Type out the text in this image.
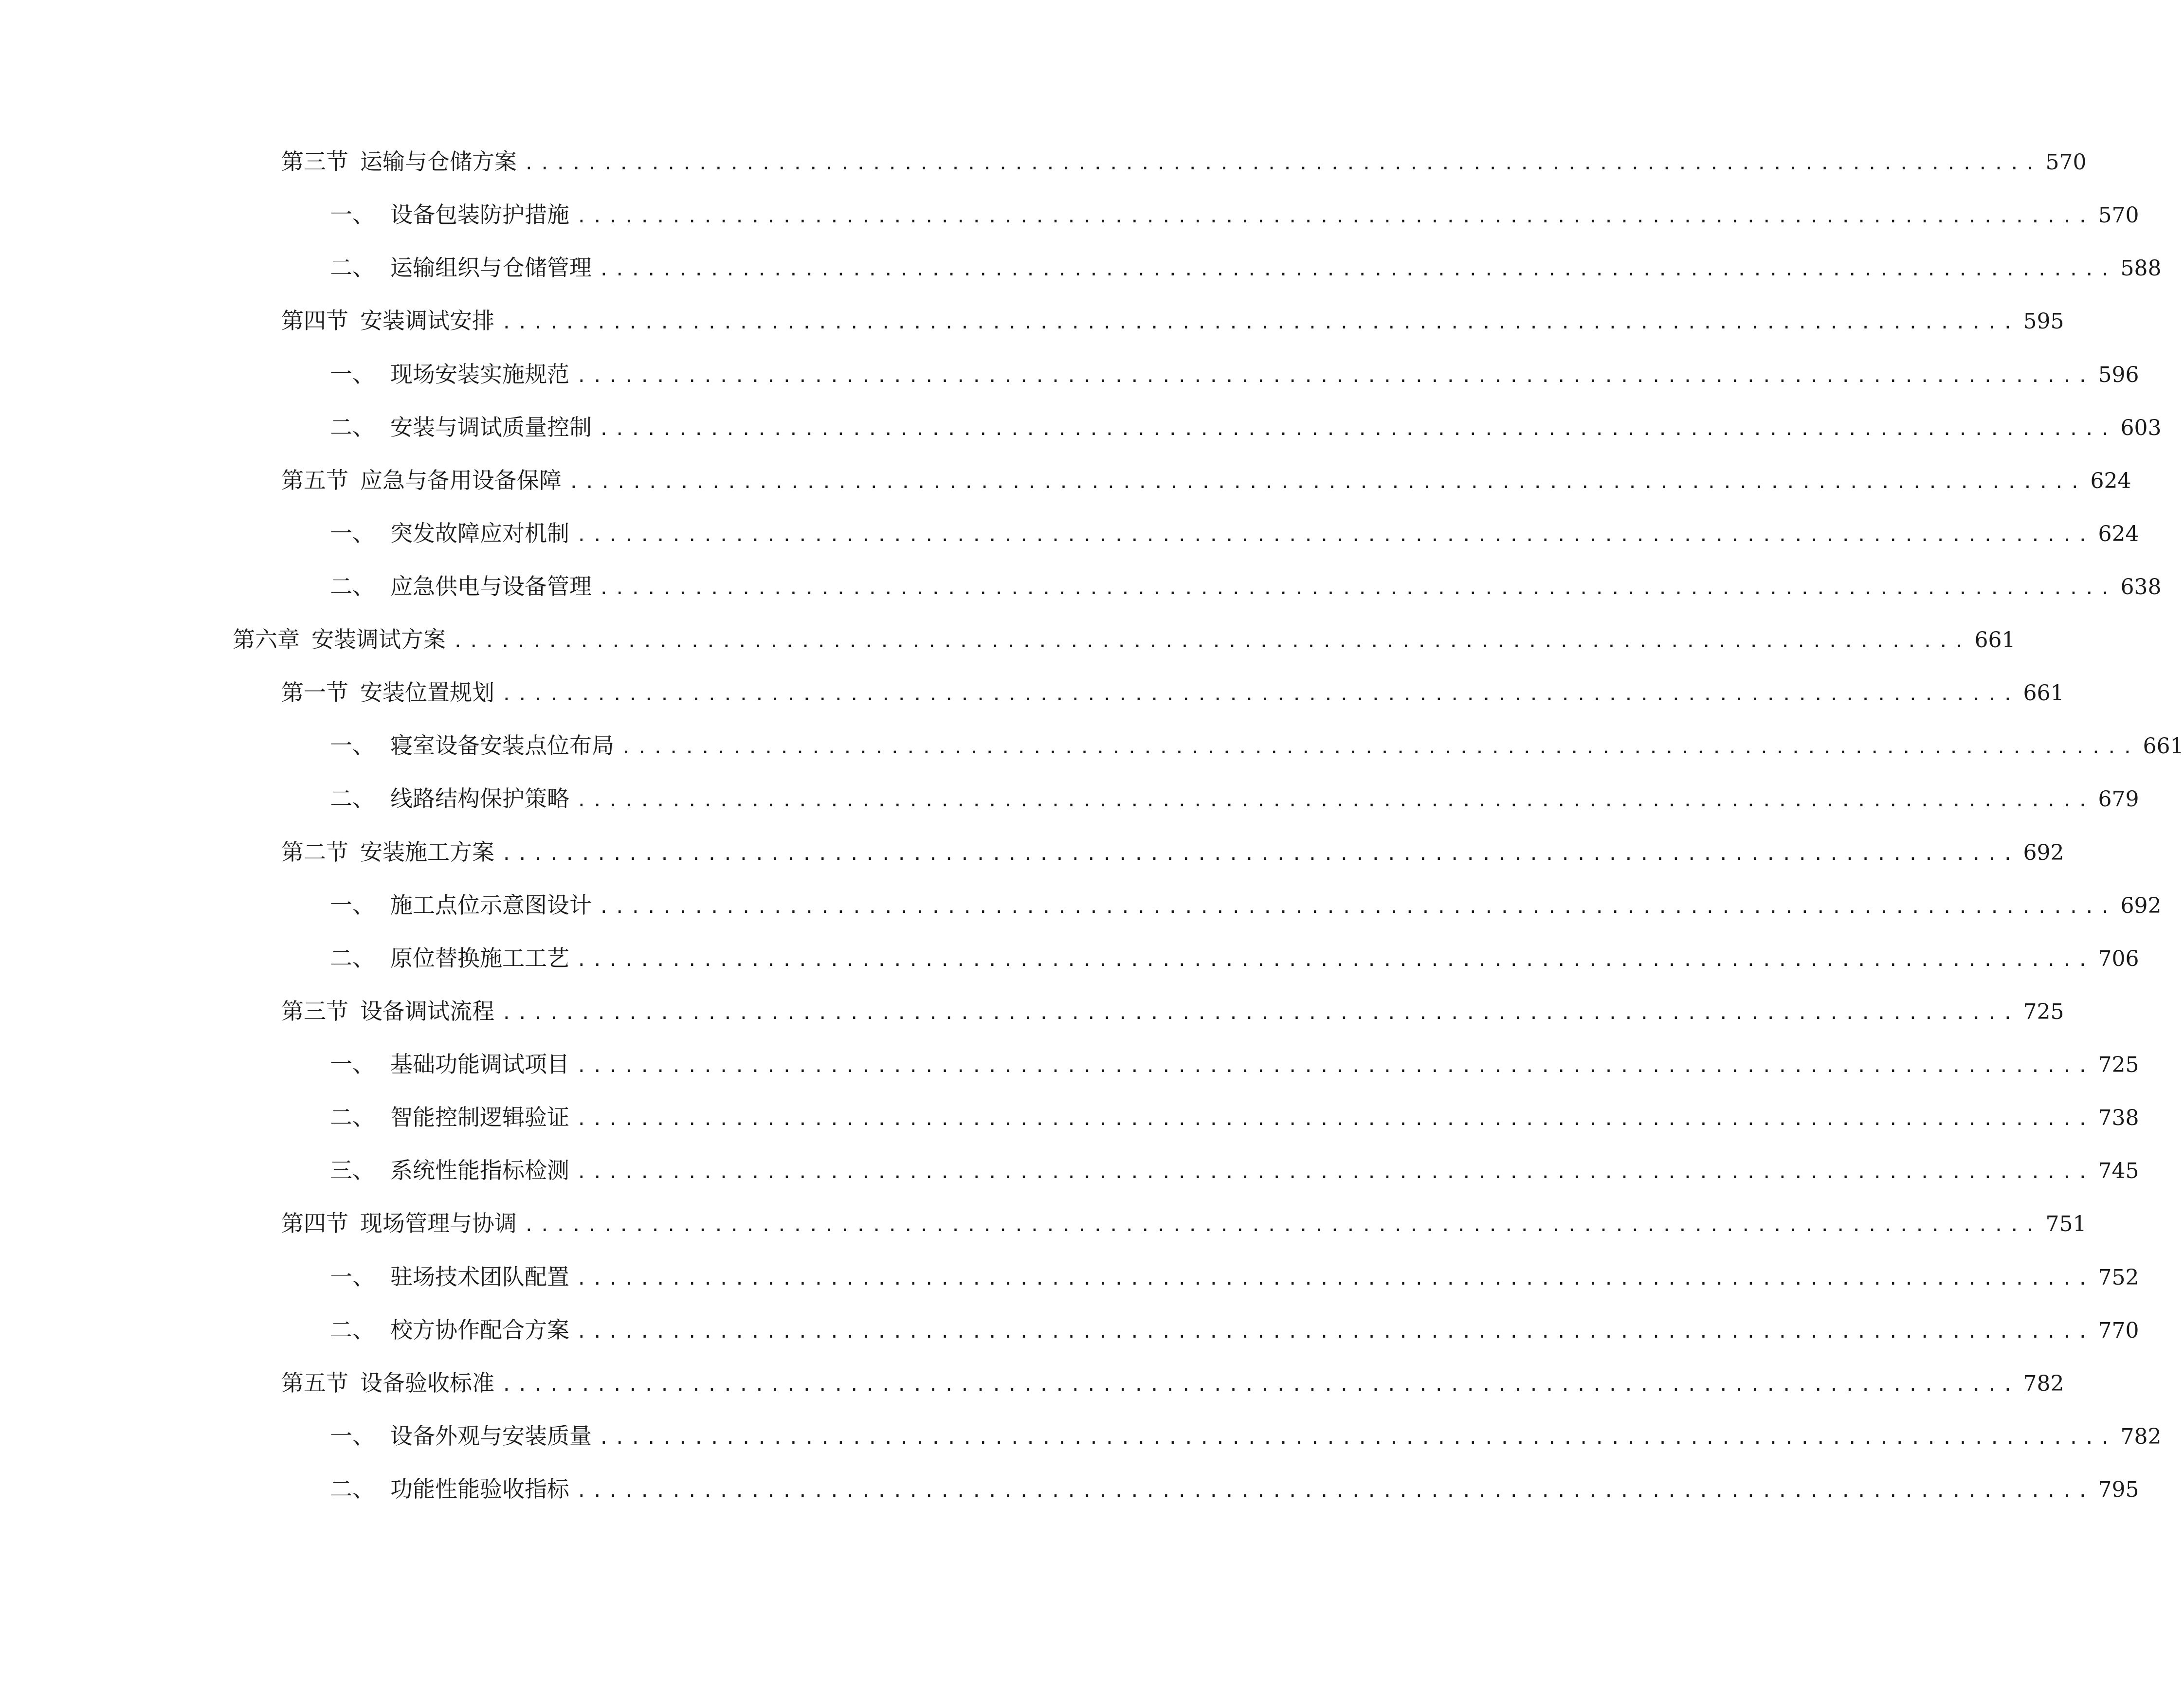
第三节 运输与仓储方案 ................................................................................................ 570
一、 设备包装防护措施 ................................................................................................ 570
二、 运输组织与仓储管理 ................................................................................................ 588
第四节 安装调试安排 ................................................................................................ 595
一、 现场安装实施规范 ................................................................................................ 596
二、 安装与调试质量控制 ................................................................................................ 603
第五节 应急与备用设备保障 ................................................................................................ 624
一、 突发故障应对机制 ................................................................................................ 624
二、 应急供电与设备管理 ................................................................................................ 638
第六章 安装调试方案 ................................................................................................ 661
第一节 安装位置规划 ................................................................................................ 661
一、 寝室设备安装点位布局 ................................................................................................ 661
二、 线路结构保护策略 ................................................................................................ 679
第二节 安装施工方案 ................................................................................................ 692
一、 施工点位示意图设计 ................................................................................................ 692
二、 原位替换施工工艺 ................................................................................................ 706
第三节 设备调试流程 ................................................................................................ 725
一、 基础功能调试项目 ................................................................................................ 725
二、 智能控制逻辑验证 ................................................................................................ 738
三、 系统性能指标检测 ................................................................................................ 745
第四节 现场管理与协调 ................................................................................................ 751
一、 驻场技术团队配置 ................................................................................................ 752
二、 校方协作配合方案 ................................................................................................ 770
第五节 设备验收标准 ................................................................................................ 782
一、 设备外观与安装质量 ................................................................................................ 782
二、 功能性能验收指标 ................................................................................................ 795
